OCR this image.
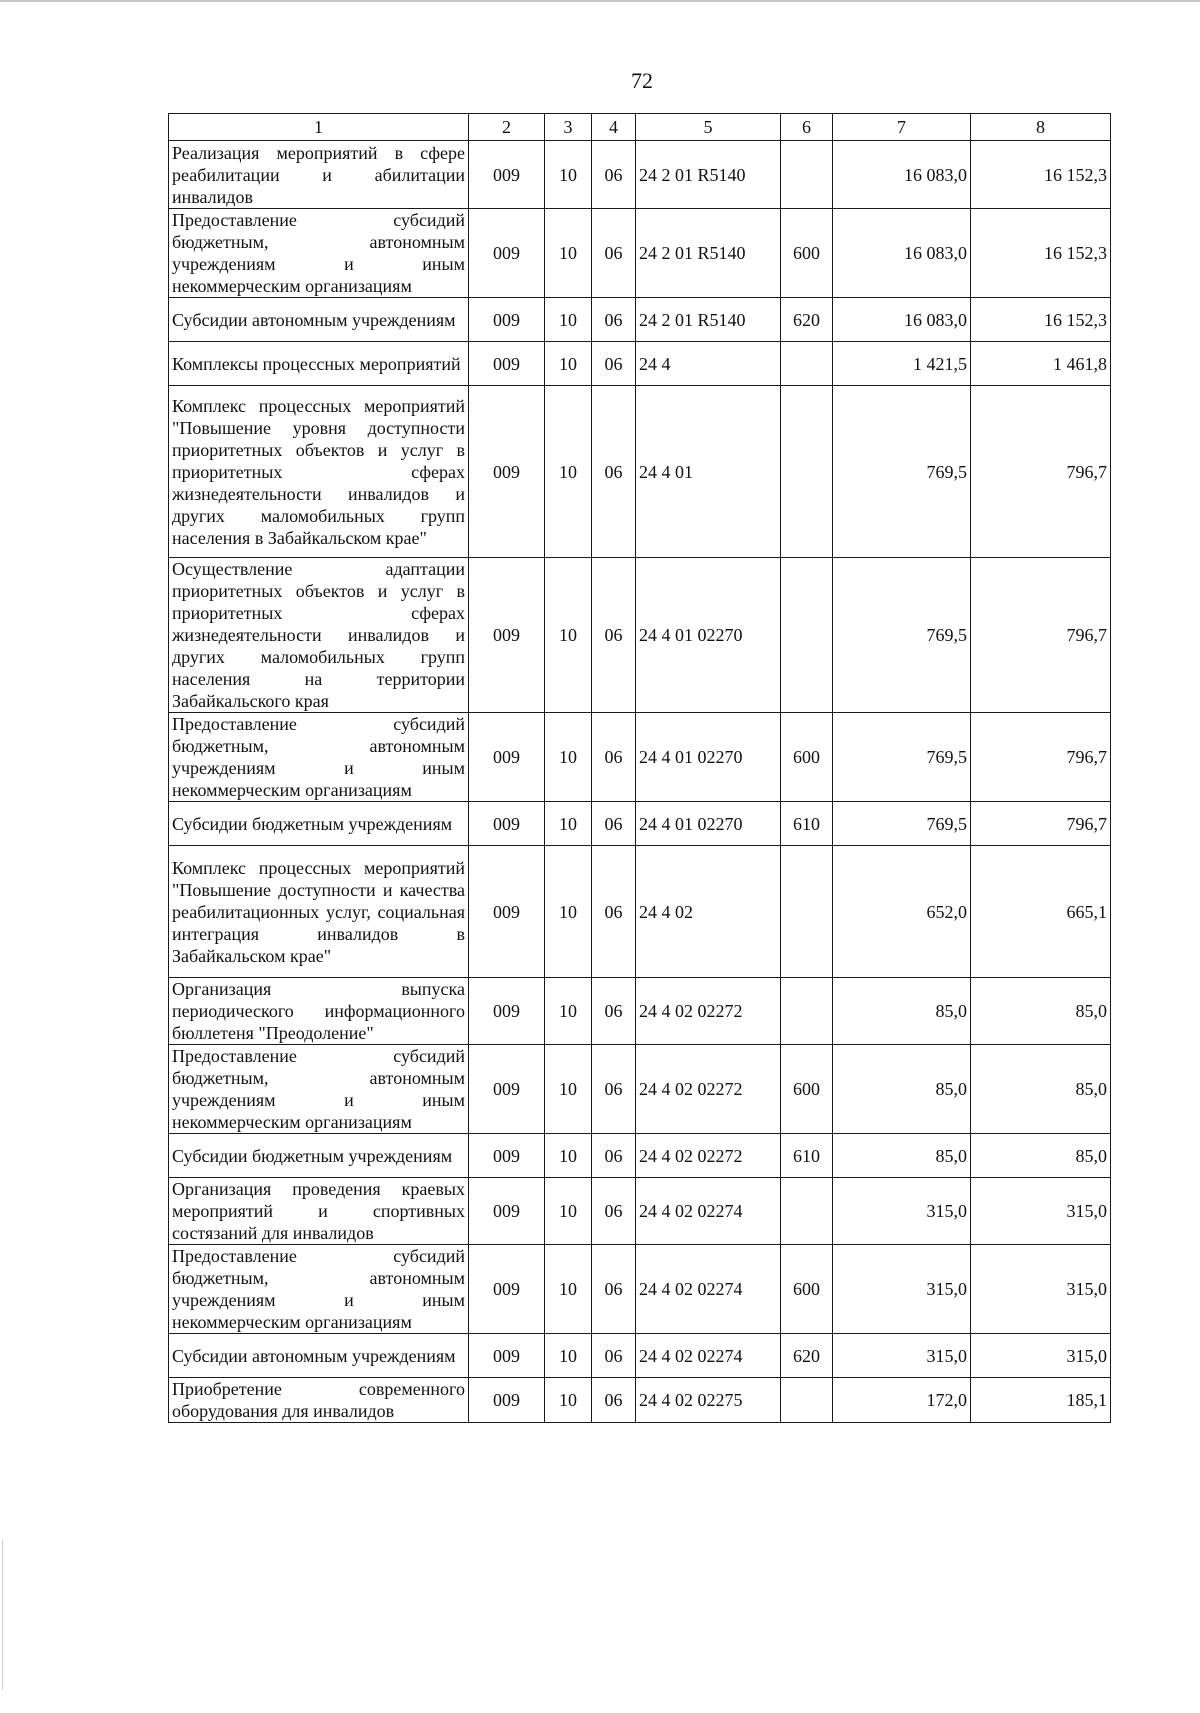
72
1	2	3	4	5	6	7	8
Реализация мероприятий в сфере реабилитации и абилитации инвалидов	009	10	06	24 2 01 R5140		16 083,0	16 152,3
Предоставление субсидий бюджетным, автономным учреждениям и иным некоммерческим организациям	009	10	06	24 2 01 R5140	600	16 083,0	16 152,3
Субсидии автономным учреждениям	009	10	06	24 2 01 R5140	620	16 083,0	16 152,3
Комплексы процессных мероприятий	009	10	06	24 4		1 421,5	1 461,8
Комплекс процессных мероприятий "Повышение уровня доступности приоритетных объектов и услуг в приоритетных сферах жизнедеятельности инвалидов и других маломобильных групп населения в Забайкальском крае"	009	10	06	24 4 01		769,5	796,7
Осуществление адаптации приоритетных объектов и услуг в приоритетных сферах жизнедеятельности инвалидов и других маломобильных групп населения на территории Забайкальского края	009	10	06	24 4 01 02270		769,5	796,7
Предоставление субсидий бюджетным, автономным учреждениям и иным некоммерческим организациям	009	10	06	24 4 01 02270	600	769,5	796,7
Субсидии бюджетным учреждениям	009	10	06	24 4 01 02270	610	769,5	796,7
Комплекс процессных мероприятий "Повышение доступности и качества реабилитационных услуг, социальная интеграция инвалидов в Забайкальском крае"	009	10	06	24 4 02		652,0	665,1
Организация выпуска периодического информационного бюллетеня "Преодоление"	009	10	06	24 4 02 02272		85,0	85,0
Предоставление субсидий бюджетным, автономным учреждениям и иным некоммерческим организациям	009	10	06	24 4 02 02272	600	85,0	85,0
Субсидии бюджетным учреждениям	009	10	06	24 4 02 02272	610	85,0	85,0
Организация проведения краевых мероприятий и спортивных состязаний для инвалидов	009	10	06	24 4 02 02274		315,0	315,0
Предоставление субсидий бюджетным, автономным учреждениям и иным некоммерческим организациям	009	10	06	24 4 02 02274	600	315,0	315,0
Субсидии автономным учреждениям	009	10	06	24 4 02 02274	620	315,0	315,0
Приобретение современного оборудования для инвалидов	009	10	06	24 4 02 02275		172,0	185,1
